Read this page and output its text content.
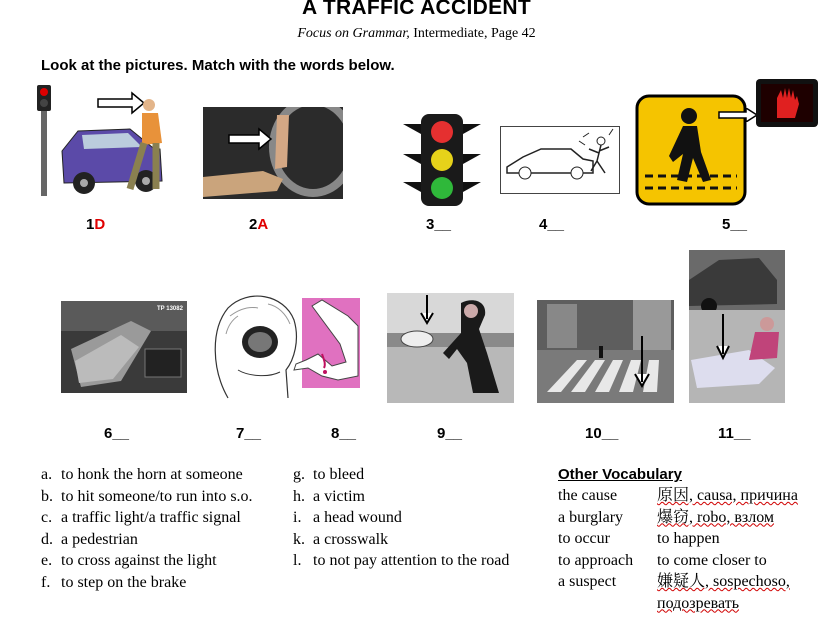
A TRAFFIC ACCIDENT
Focus on Grammar, Intermediate, Page 42
Look at the pictures. Match with the words below.
1D	2A	3__	4__	5__
TP 13082
6__	7__	8__	9__	10__	11__
a. to honk the horn at someone
b. to hit someone/to run into s.o.
c. a traffic light/a traffic signal
d. a pedestrian
e. to cross against the light
f. to step on the brake
g. to bleed
h. a victim
i. a head wound
k. a crosswalk
l. to not pay attention to the road
Other Vocabulary
the cause	原因, causa, причина
a burglary	爆窃, robo, взлом
to occur	to happen
to approach	to come closer to
a suspect	嫌疑人, sospechoso,
подозревать
